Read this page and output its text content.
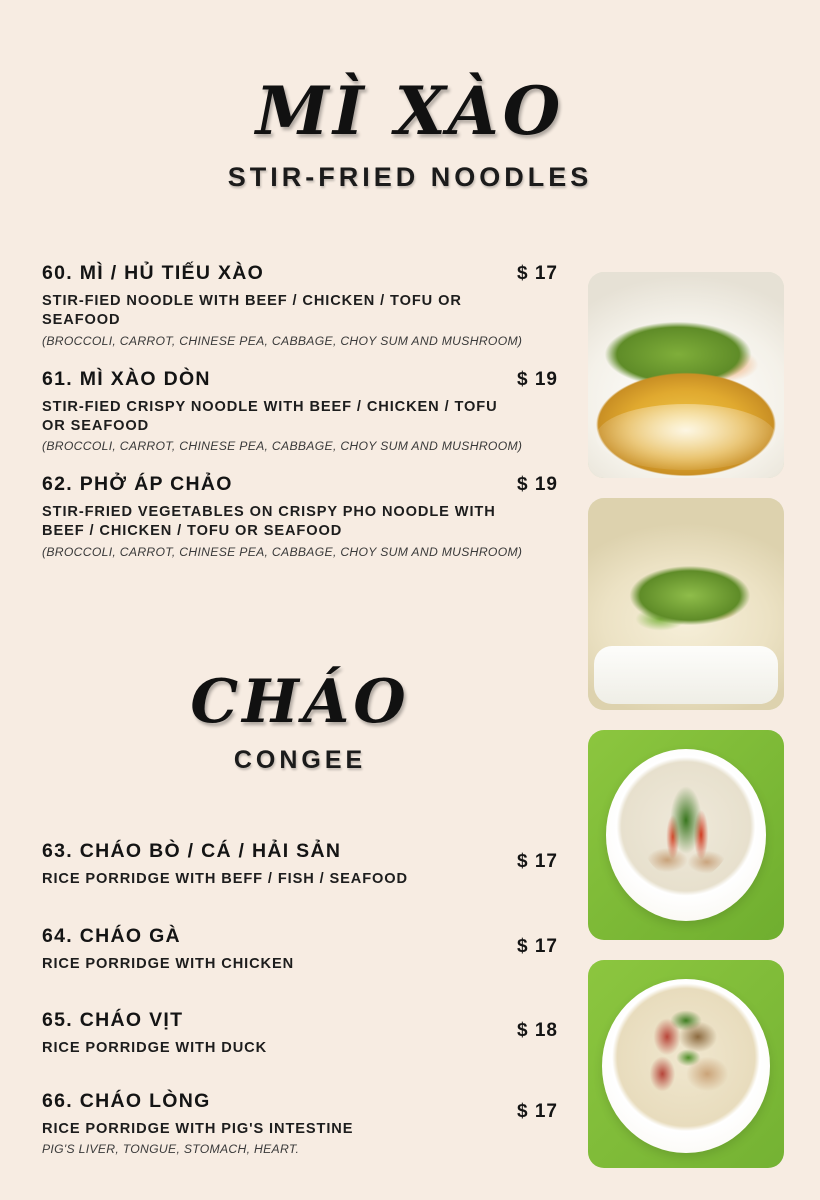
MÌ XÀO
STIR-FRIED NOODLES
60. MÌ / HỦ TIẾU XÀO	$ 17
STIR-FIED NOODLE WITH BEEF / CHICKEN / TOFU OR SEAFOOD
(BROCCOLI, CARROT, CHINESE PEA, CABBAGE, CHOY SUM AND MUSHROOM)
61. MÌ XÀO DÒN	$ 19
STIR-FIED CRISPY NOODLE WITH BEEF / CHICKEN / TOFU OR SEAFOOD
(BROCCOLI, CARROT, CHINESE PEA, CABBAGE, CHOY SUM AND MUSHROOM)
62. PHỞ ÁP CHẢO	$ 19
STIR-FRIED VEGETABLES ON CRISPY PHO NOODLE WITH BEEF / CHICKEN / TOFU OR SEAFOOD
(BROCCOLI, CARROT, CHINESE PEA, CABBAGE, CHOY SUM AND MUSHROOM)
CHÁO
CONGEE
63. CHÁO BÒ / CÁ / HẢI SẢN	$ 17
RICE PORRIDGE WITH BEFF / FISH / SEAFOOD
64. CHÁO GÀ	$ 17
RICE PORRIDGE WITH CHICKEN
65. CHÁO VỊT	$ 18
RICE PORRIDGE WITH DUCK
66. CHÁO LÒNG	$ 17
RICE PORRIDGE WITH PIG'S INTESTINE
PIG'S LIVER, TONGUE, STOMACH, HEART.
